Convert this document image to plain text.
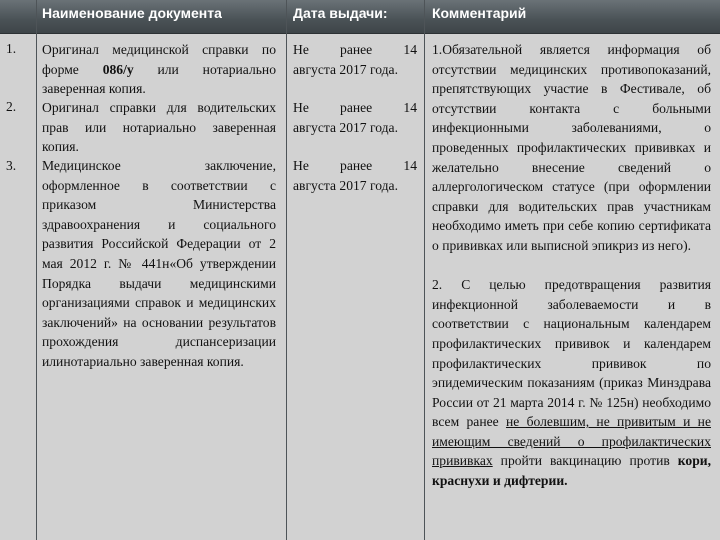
Наименование документа	Дата выдачи:	Комментарий
1.
2.
3.

Оригинал медицинской справки по форме 086/у или нотариально заверенная копия.

Оригинал справки для водительских прав или нотариально заверенная копия.

Медицинское заключение, оформленное в соответствии с приказом Министерства здравоохранения и социального развития Российской Федерации от 2 мая 2012 г. № 441н«Об утверждении Порядка выдачи медицинскими организациями справок и медицинских заключений» на основании результатов прохождения диспансеризации илинотариально заверенная копия.

Не ранее 14
августа 2017 года.
Не ранее 14
августа 2017 года.
Не ранее 14
августа 2017 года.

1.Обязательной является информация об отсутствии медицинских противопоказаний, препятствующих участие в Фестивале, об отсутствии контакта с больными инфекционными заболеваниями, о проведенных профилактических прививках и желательно внесение сведений о аллергологическом статусе (при оформлении справки для водительских прав участникам необходимо иметь при себе копию сертификата о прививках или выписной эпикриз из него).

2. С целью предотвращения развития инфекционной заболеваемости и в соответствии с национальным календарем профилактических прививок и календарем профилактических прививок по эпидемическим показаниям (приказ Минздрава России от 21 марта 2014 г. № 125н) необходимо всем ранее не болевшим, не привитым и не имеющим сведений о профилактических прививках пройти вакцинацию против кори, краснухи и дифтерии.
